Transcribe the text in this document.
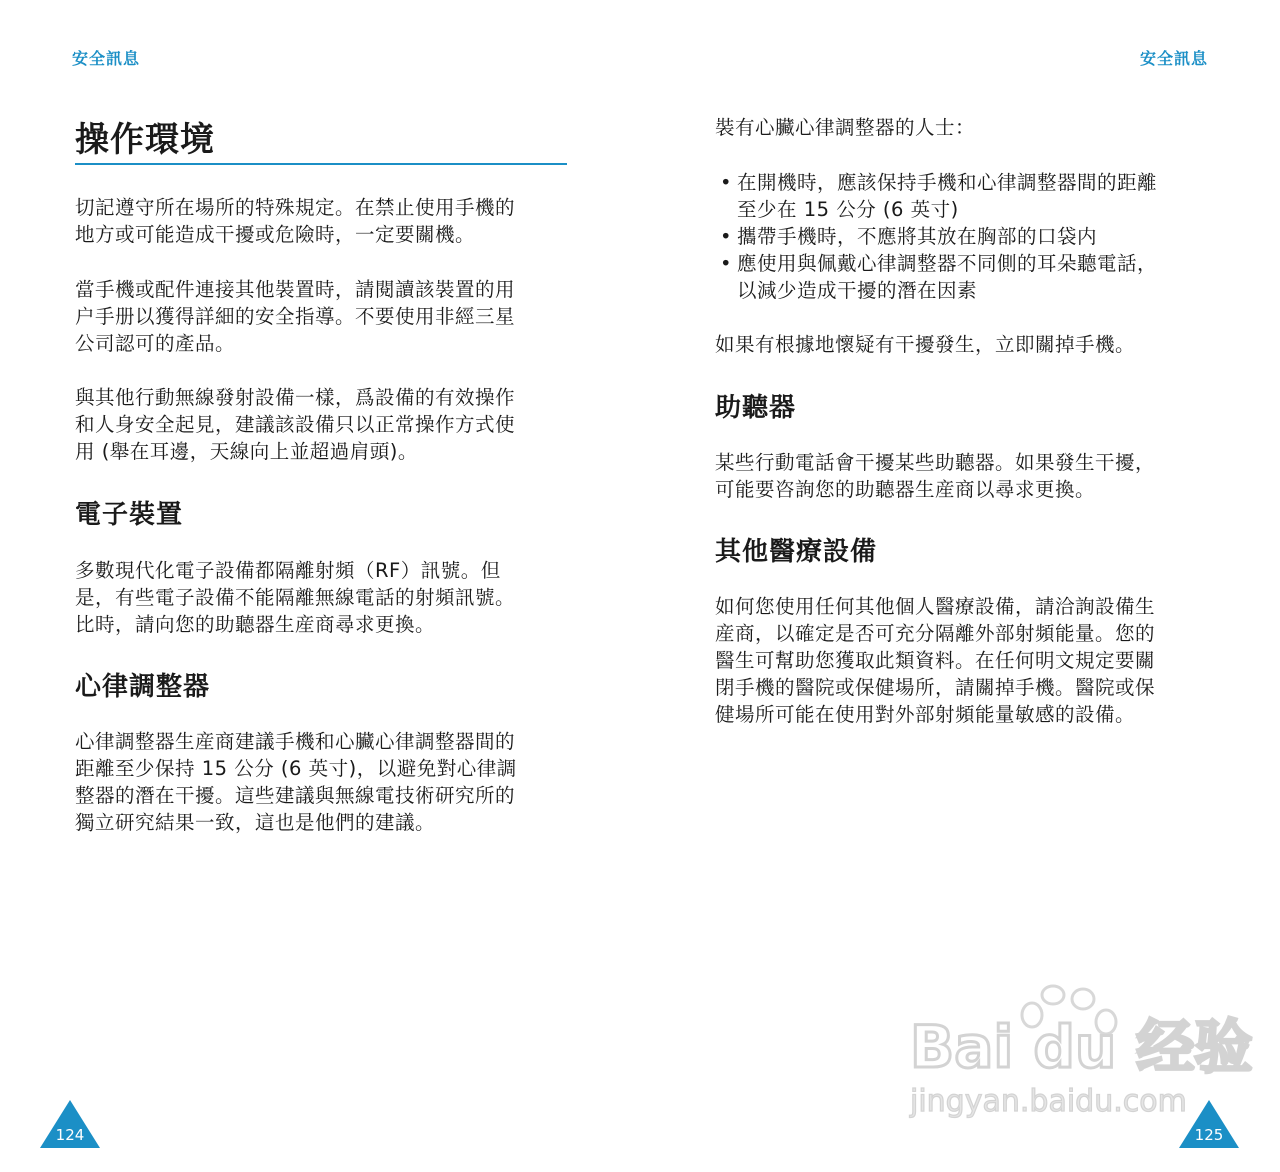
安全訊息
操作環境

切記遵守所在場所的特殊規定。在禁止使用手機的
地方或可能造成干擾或危險時，一定要關機。

當手機或配件連接其他裝置時，請閱讀該裝置的用
户手册以獲得詳細的安全指導。不要使用非經三星
公司認可的產品。

與其他行動無線發射設備一樣，爲設備的有效操作
和人身安全起見，建議該設備只以正常操作方式使
用 (舉在耳邊，天線向上並超過肩頭)。

電子裝置

多數現代化電子設備都隔離射頻（RF）訊號。但
是，有些電子設備不能隔離無線電話的射頻訊號。
比時，請向您的助聽器生産商尋求更換。

心律調整器

心律調整器生産商建議手機和心臟心律調整器間的
距離至少保持 15 公分 (6 英寸)，以避免對心律調
整器的潛在干擾。這些建議與無線電技術研究所的
獨立研究結果一致，這也是他們的建議。

124
安全訊息

裝有心臟心律調整器的人士：

• 在開機時，應該保持手機和心律調整器間的距離
至少在 15 公分 (6 英寸)
• 攜帶手機時，不應將其放在胸部的口袋内
• 應使用與佩戴心律調整器不同側的耳朵聽電話，
以減少造成干擾的潛在因素

如果有根據地懷疑有干擾發生，立即關掉手機。

助聽器

某些行動電話會干擾某些助聽器。如果發生干擾，
可能要咨詢您的助聽器生産商以尋求更換。

其他醫療設備

如何您使用任何其他個人醫療設備，請洽詢設備生
産商，以確定是否可充分隔離外部射頻能量。您的
醫生可幫助您獲取此類資料。在任何明文規定要關
閉手機的醫院或保健場所，請關掉手機。醫院或保
健場所可能在使用對外部射頻能量敏感的設備。

125
Bai du 经验
jingyan.baidu.com
